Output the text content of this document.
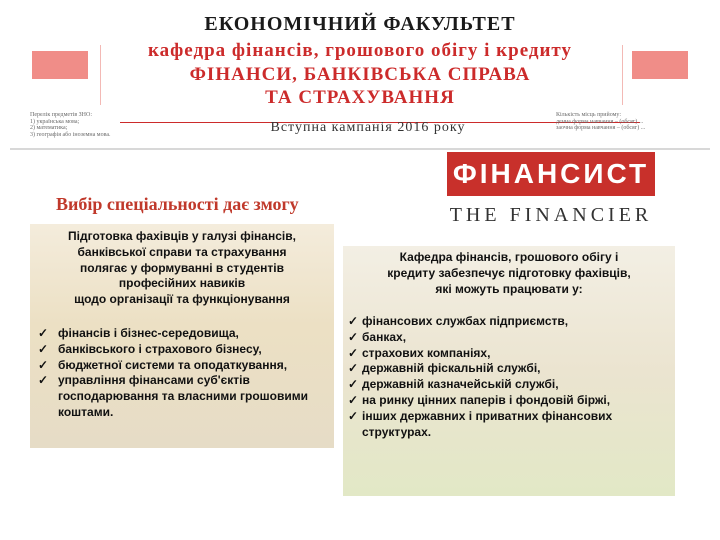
ЕКОНОМІЧНИЙ ФАКУЛЬТЕТ
кафедра фінансів, грошового обігу і кредиту
ФІНАНСИ, БАНКІВСЬКА СПРАВА
ТА СТРАХУВАННЯ
Перелік предметів ЗНО:
1) українська мова;
2) математика;
3) географія або іноземна мова.	Вступна кампанія 2016 року
Кількість місць прийому:
денна форма навчання – (обсяг) ...
заочна форма навчання – (обсяг) ...
ФІНАНСИСТ
THE FINANCIER
Вибір спеціальності дає змогу
Підготовка фахівців у галузі фінансів,
банківської справи та страхування
полягає у формуванні в студентів
професійних навиків
щодо організації та функціонування
✓ фінансів і бізнес-середовища,
✓ банківського і страхового бізнесу,
✓ бюджетної системи та оподаткування,
✓ управління фінансами суб'єктів господарювання та власними грошовими коштами.
Кафедра фінансів, грошового обігу і
кредиту забезпечує підготовку фахівців,
які можуть працювати у:
✓ фінансових службах підприємств,
✓ банках,
✓ страхових компаніях,
✓ державній фіскальній службі,
✓ державній казначейській службі,
✓ на ринку цінних паперів і фондовій біржі,
✓ інших державних і приватних фінансових структурах.
